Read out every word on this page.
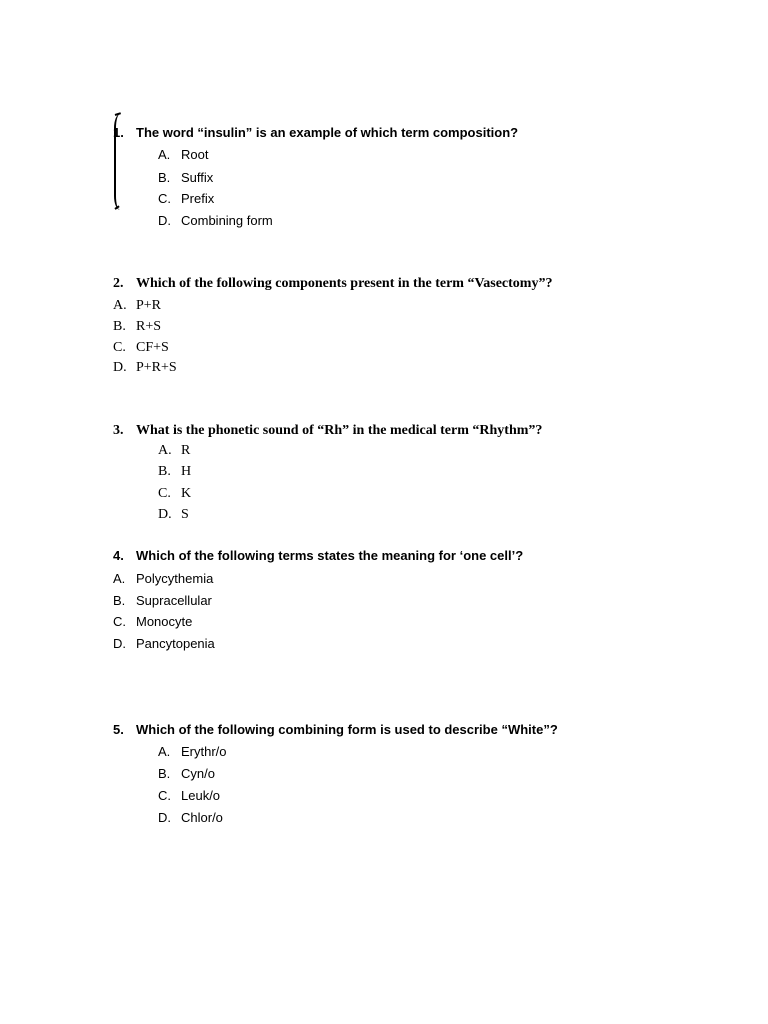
1. The word “insulin” is an example of which term composition?
A. Root
B. Suffix
C. Prefix
D. Combining form
2. Which of the following components present in the term “Vasectomy”?
A. P+R
B. R+S
C. CF+S
D. P+R+S
3. What is the phonetic sound of “Rh” in the medical term “Rhythm”?
A. R
B. H
C. K
D. S
4. Which of the following terms states the meaning for ‘one cell’?
A. Polycythemia
B. Supracellular
C. Monocyte
D. Pancytopenia
5. Which of the following combining form is used to describe “White”?
A. Erythr/o
B. Cyn/o
C. Leuk/o
D. Chlor/o
